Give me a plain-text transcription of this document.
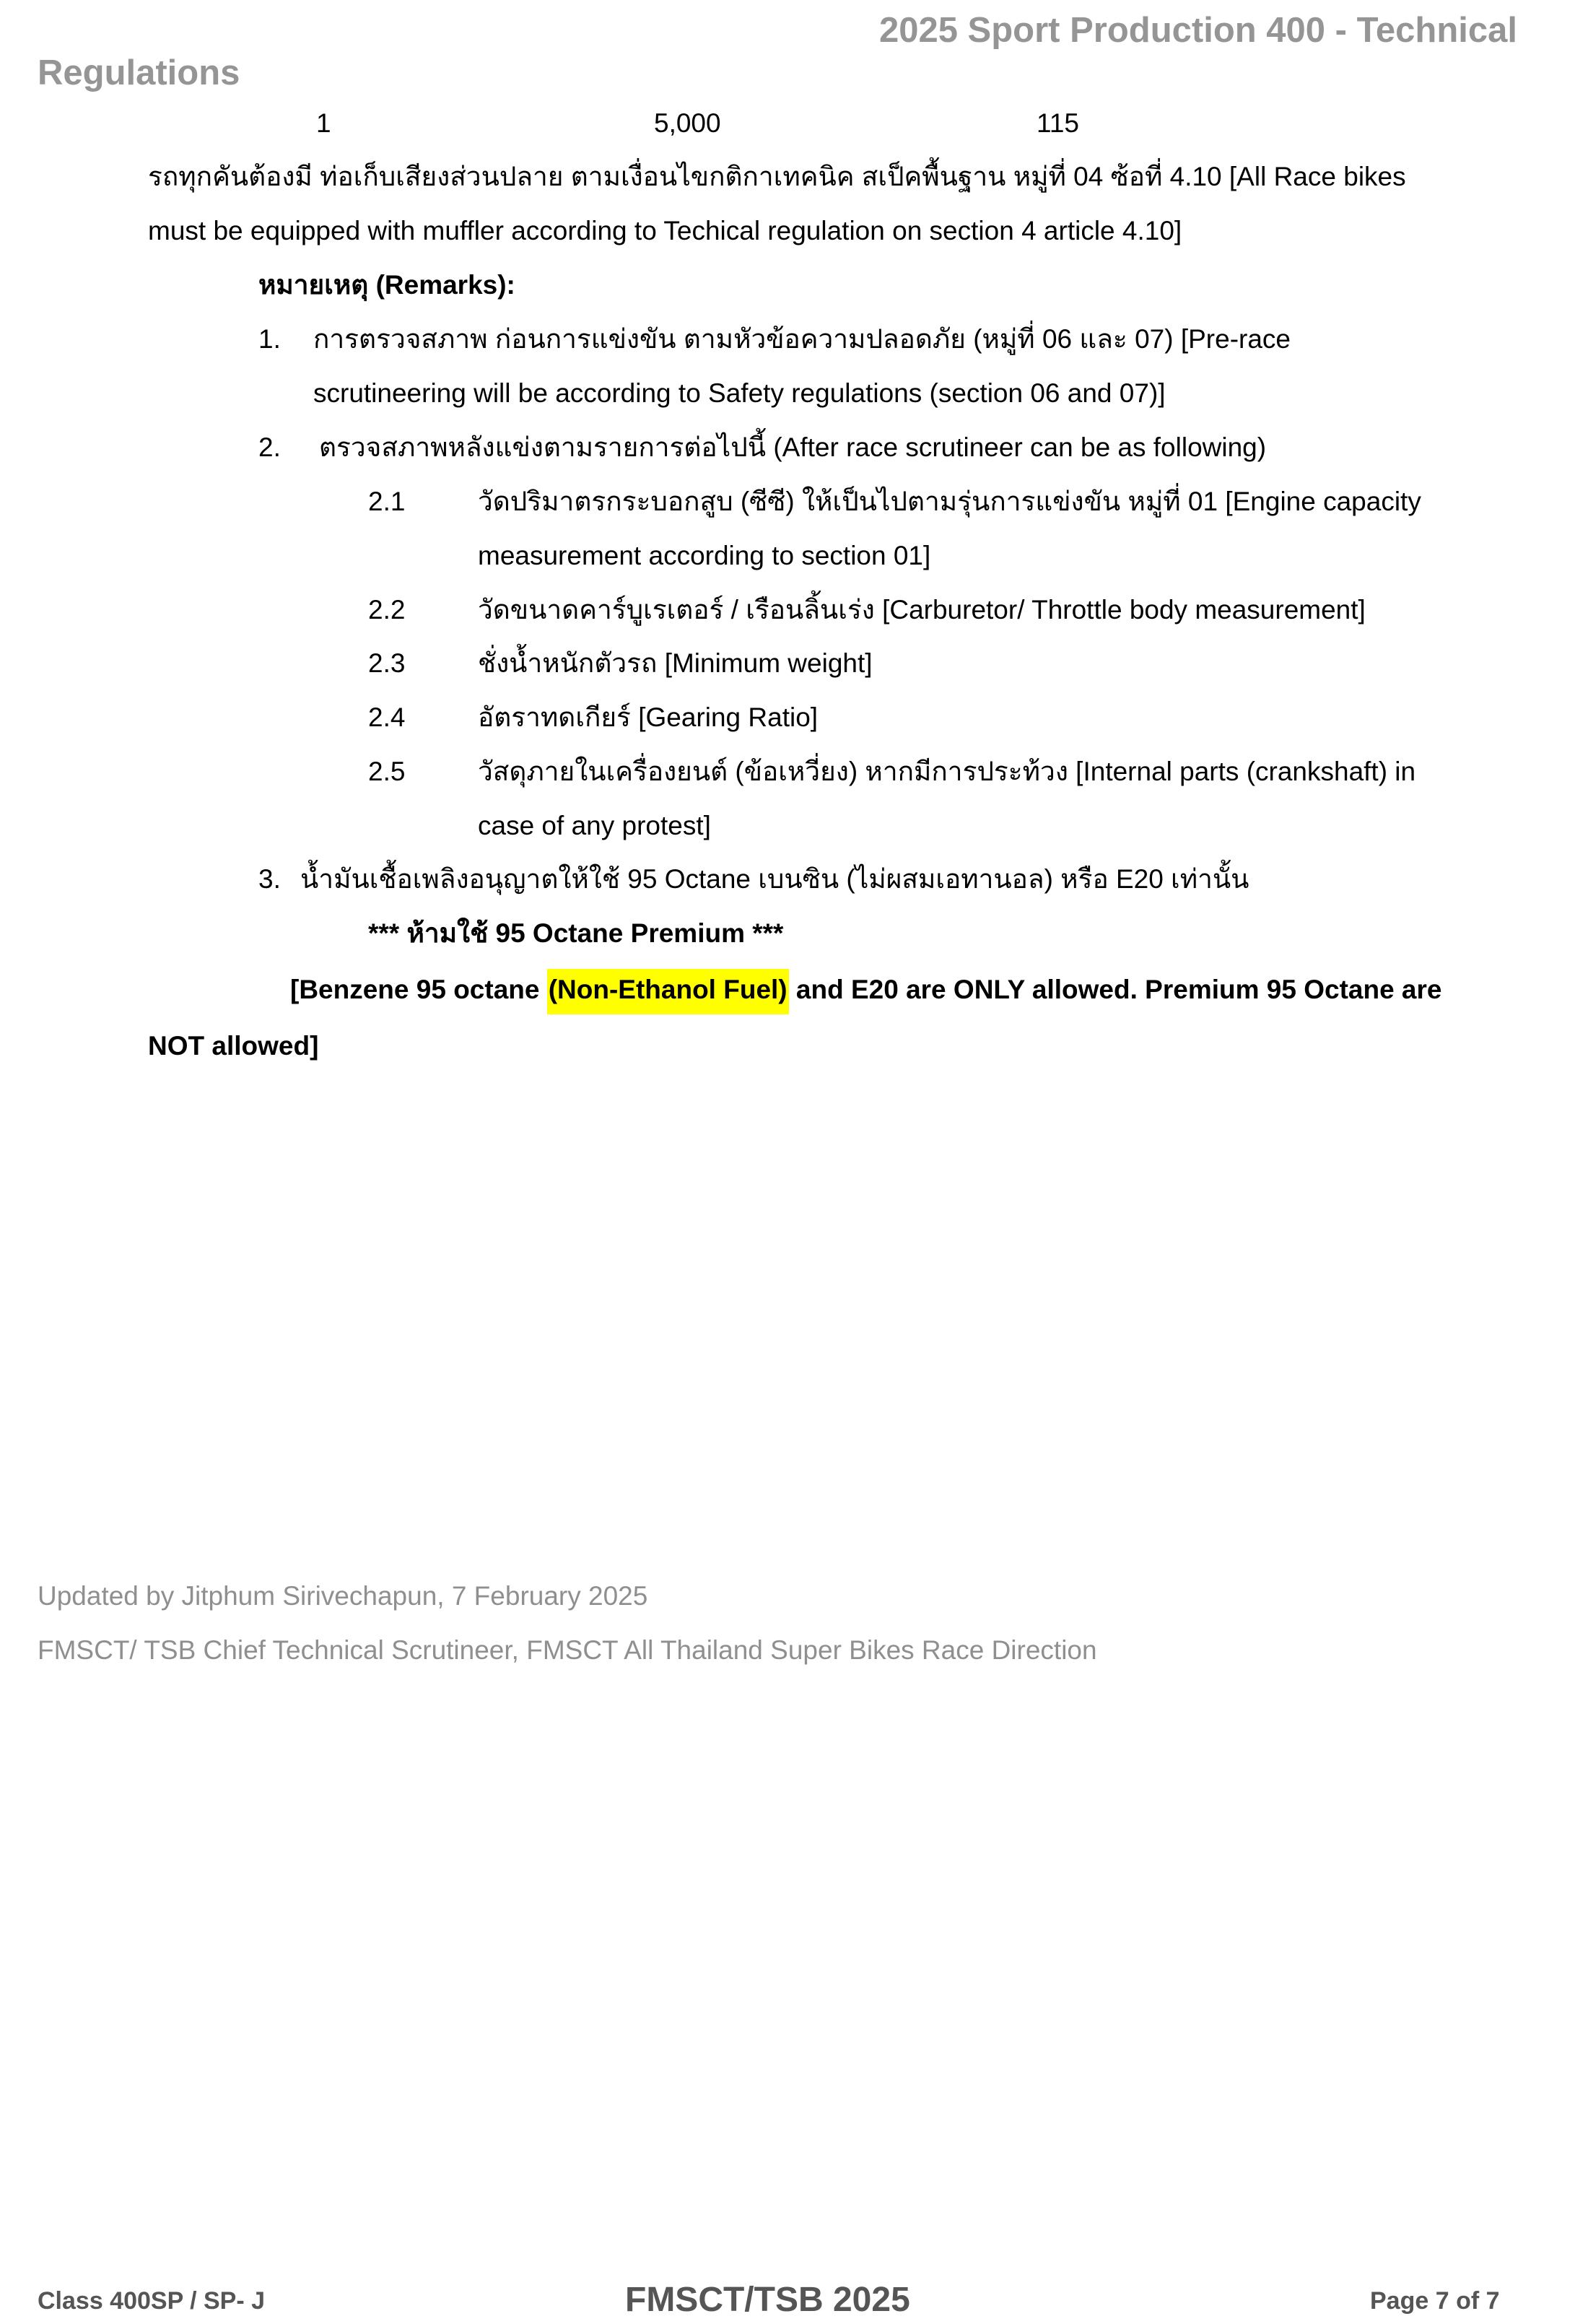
2025 Sport Production 400 - Technical
Regulations
1	5,000	115
รถทุกคันต้องมี ท่อเก็บเสียงส่วนปลาย ตามเงื่อนไขกติกาเทคนิค สเป็คพื้นฐาน หมู่ที่ 04 ซ้อที่ 4.10 [All Race bikes
must be equipped with muffler according to Techical regulation on section 4 article 4.10]
หมายเหตุ (Remarks):
1. การตรวจสภาพ ก่อนการแข่งขัน ตามหัวข้อความปลอดภัย (หมู่ที่ 06 และ 07) [Pre-race
scrutineering will be according to Safety regulations (section 06 and 07)]
2. ตรวจสภาพหลังแข่งตามรายการต่อไปนี้ (After race scrutineer can be as following)
2.1	วัดปริมาตรกระบอกสูบ (ซีซี) ให้เป็นไปตามรุ่นการแข่งขัน หมู่ที่ 01 [Engine capacity
measurement according to section 01]
2.2	วัดขนาดคาร์บูเรเตอร์ / เรือนลิ้นเร่ง [Carburetor/ Throttle body measurement]
2.3	ชั่งน้ำหนักตัวรถ [Minimum weight]
2.4	อัตราทดเกียร์ [Gearing Ratio]
2.5	วัสดุภายในเครื่องยนต์ (ข้อเหวี่ยง) หากมีการประท้วง [Internal parts (crankshaft) in
case of any protest]
3. น้ำมันเชื้อเพลิงอนุญาตให้ใช้ 95 Octane เบนซิน (ไม่ผสมเอทานอล) หรือ E20 เท่านั้น
*** ห้ามใช้ 95 Octane Premium ***
[Benzene 95 octane (Non-Ethanol Fuel) and E20 are ONLY allowed. Premium 95 Octane are
NOT allowed]
Updated by Jitphum Sirivechapun, 7 February 2025
FMSCT/ TSB Chief Technical Scrutineer, FMSCT All Thailand Super Bikes Race Direction
Class 400SP / SP- J	FMSCT/TSB 2025	Page 7 of 7
